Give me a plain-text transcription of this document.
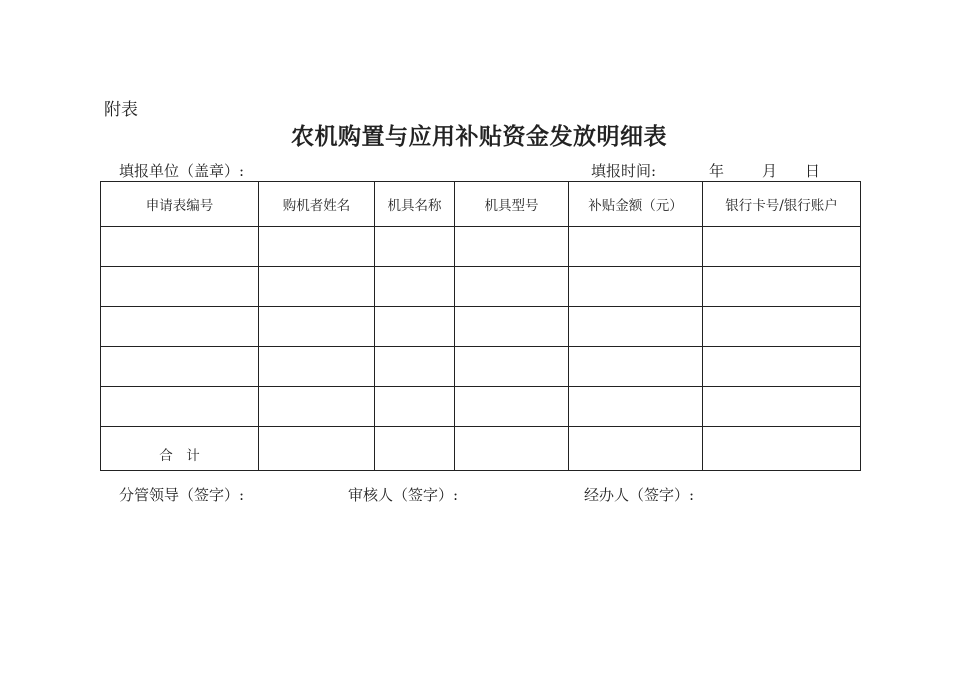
附表
农机购置与应用补贴资金发放明细表
填报单位（盖章）:	填报时间:	年	月 日
申请表编号	购机者姓名	机具名称	机具型号	补贴金额（元）	银行卡号/银行账户

合　计					
分管领导（签字）:	审核人（签字）:	经办人（签字）:
